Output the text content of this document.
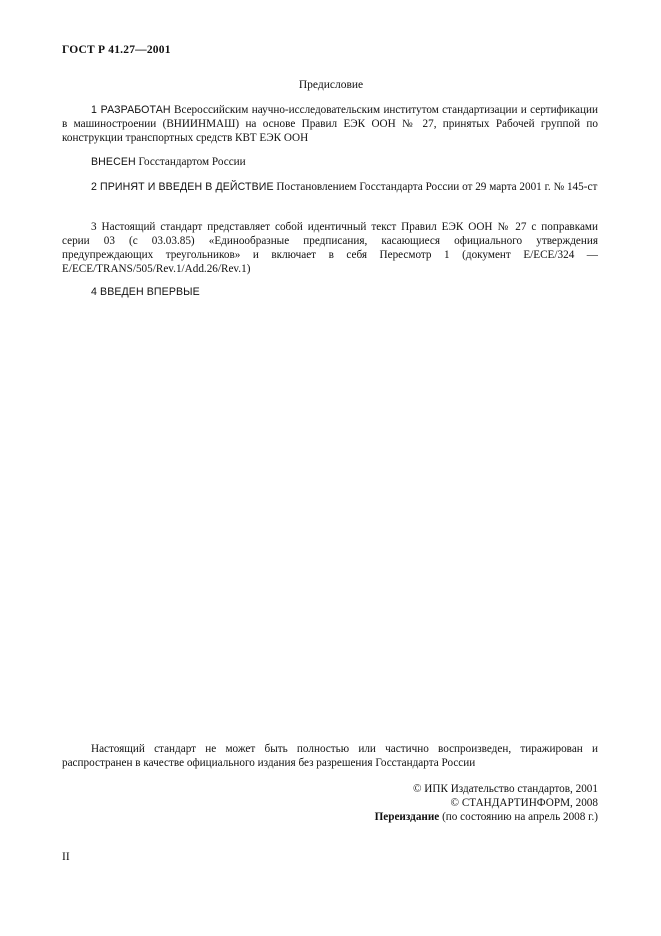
ГОСТ Р 41.27—2001
Предисловие
1 РАЗРАБОТАН Всероссийским научно-исследовательским институтом стандартизации и сертификации в машиностроении (ВНИИНМАШ) на основе Правил ЕЭК ООН № 27, принятых Рабочей группой по конструкции транспортных средств КВТ ЕЭК ООН
ВНЕСЕН Госстандартом России
2 ПРИНЯТ И ВВЕДЕН В ДЕЙСТВИЕ Постановлением Госстандарта России от 29 марта 2001 г. № 145-ст
3 Настоящий стандарт представляет собой идентичный текст Правил ЕЭК ООН № 27 с поправками серии 03 (с 03.03.85) «Единообразные предписания, касающиеся официального утверждения предупреждающих треугольников» и включает в себя Пересмотр 1 (документ E/ECE/324 — E/ECE/TRANS/505/Rev.1/Add.26/Rev.1)
4 ВВЕДЕН ВПЕРВЫЕ
Настоящий стандарт не может быть полностью или частично воспроизведен, тиражирован и распространен в качестве официального издания без разрешения Госстандарта России
© ИПК Издательство стандартов, 2001
© СТАНДАРТИНФОРМ, 2008
Переиздание (по состоянию на апрель 2008 г.)
II
